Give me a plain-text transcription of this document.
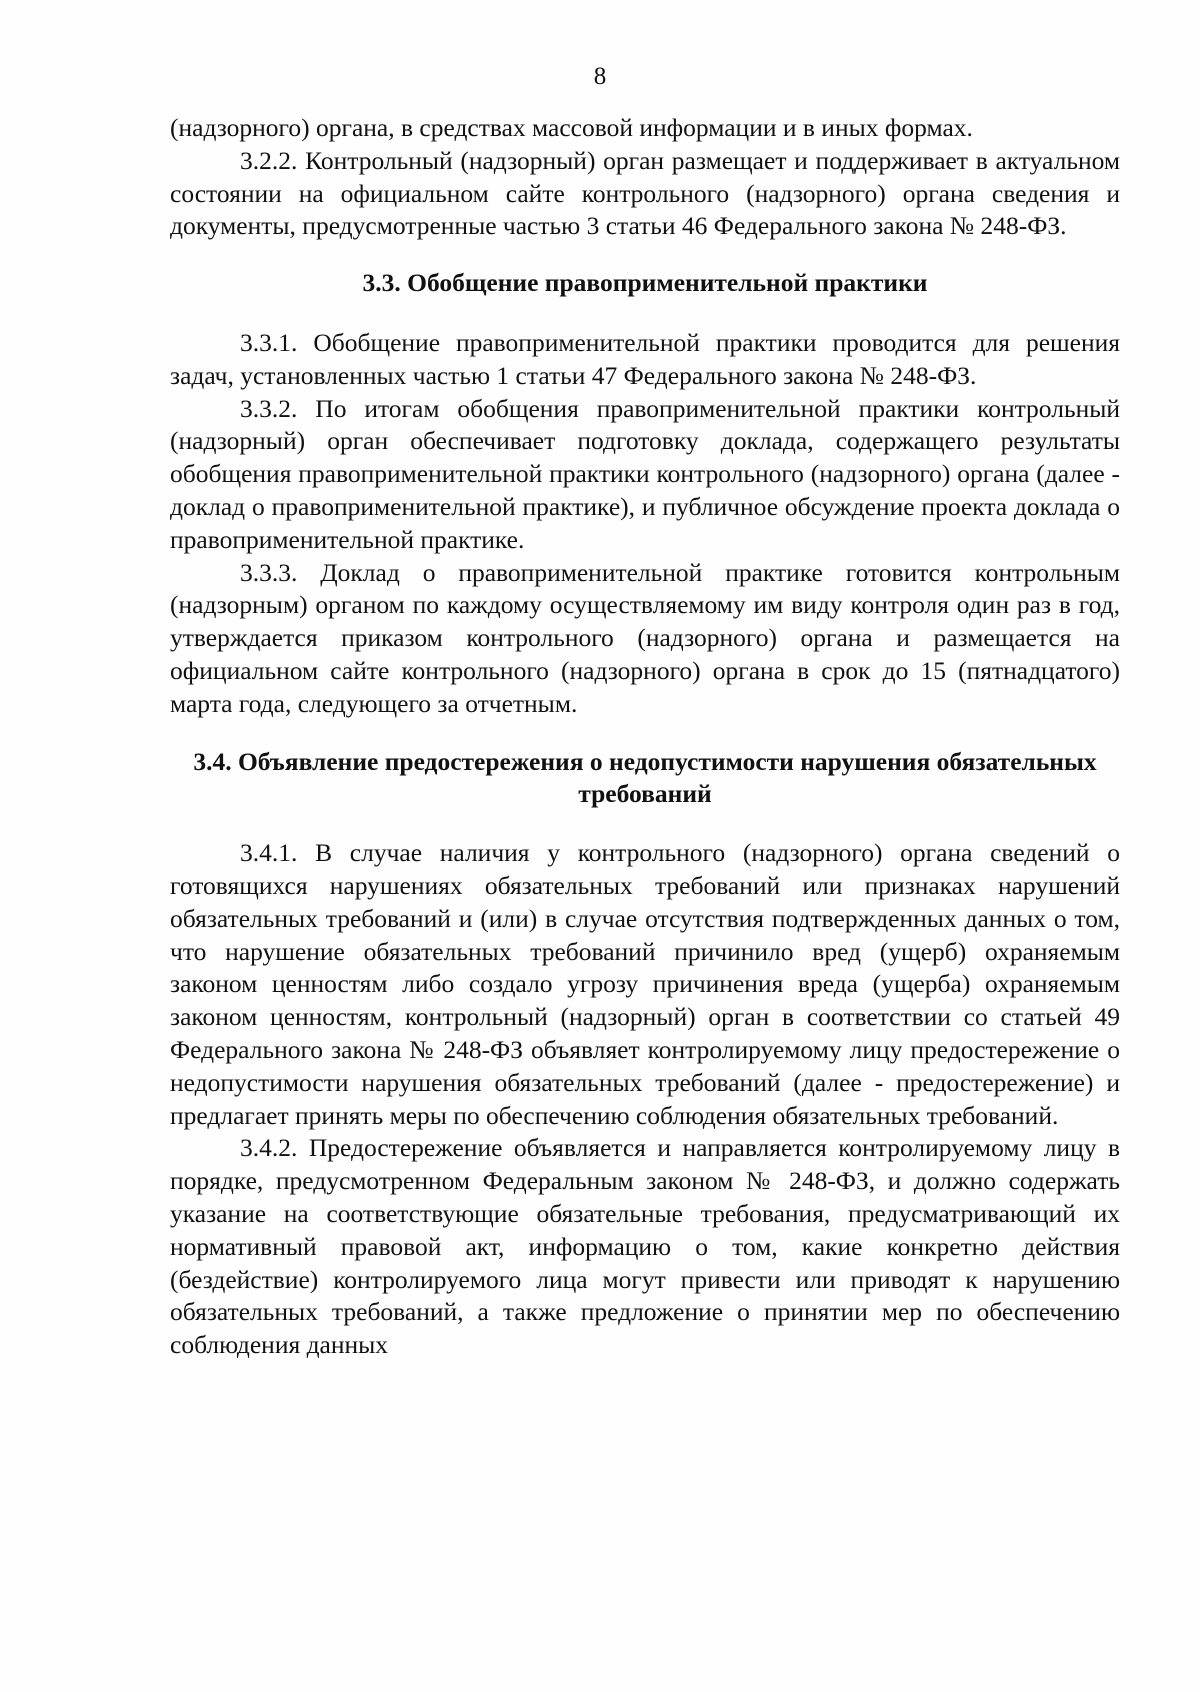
8

(надзорного) органа, в средствах массовой информации и в иных формах.

3.2.2. Контрольный (надзорный) орган размещает и поддерживает в актуальном состоянии на официальном сайте контрольного (надзорного) органа сведения и документы, предусмотренные частью 3 статьи 46 Федерального закона № 248-ФЗ.

3.3. Обобщение правоприменительной практики

3.3.1. Обобщение правоприменительной практики проводится для решения задач, установленных частью 1 статьи 47 Федерального закона № 248-ФЗ.

3.3.2. По итогам обобщения правоприменительной практики контрольный (надзорный) орган обеспечивает подготовку доклада, содержащего результаты обобщения правоприменительной практики контрольного (надзорного) органа (далее - доклад о правоприменительной практике), и публичное обсуждение проекта доклада о правоприменительной практике.

3.3.3. Доклад о правоприменительной практике готовится контрольным (надзорным) органом по каждому осуществляемому им виду контроля один раз в год, утверждается приказом контрольного (надзорного) органа и размещается на официальном сайте контрольного (надзорного) органа в срок до 15 (пятнадцатого) марта года, следующего за отчетным.

3.4. Объявление предостережения о недопустимости нарушения обязательных требований

3.4.1. В случае наличия у контрольного (надзорного) органа сведений о готовящихся нарушениях обязательных требований или признаках нарушений обязательных требований и (или) в случае отсутствия подтвержденных данных о том, что нарушение обязательных требований причинило вред (ущерб) охраняемым законом ценностям либо создало угрозу причинения вреда (ущерба) охраняемым законом ценностям, контрольный (надзорный) орган в соответствии со статьей 49 Федерального закона № 248-ФЗ объявляет контролируемому лицу предостережение о недопустимости нарушения обязательных требований (далее - предостережение) и предлагает принять меры по обеспечению соблюдения обязательных требований.

3.4.2. Предостережение объявляется и направляется контролируемому лицу в порядке, предусмотренном Федеральным законом № 248-ФЗ, и должно содержать указание на соответствующие обязательные требования, предусматривающий их нормативный правовой акт, информацию о том, какие конкретно действия (бездействие) контролируемого лица могут привести или приводят к нарушению обязательных требований, а также предложение о принятии мер по обеспечению соблюдения данных
